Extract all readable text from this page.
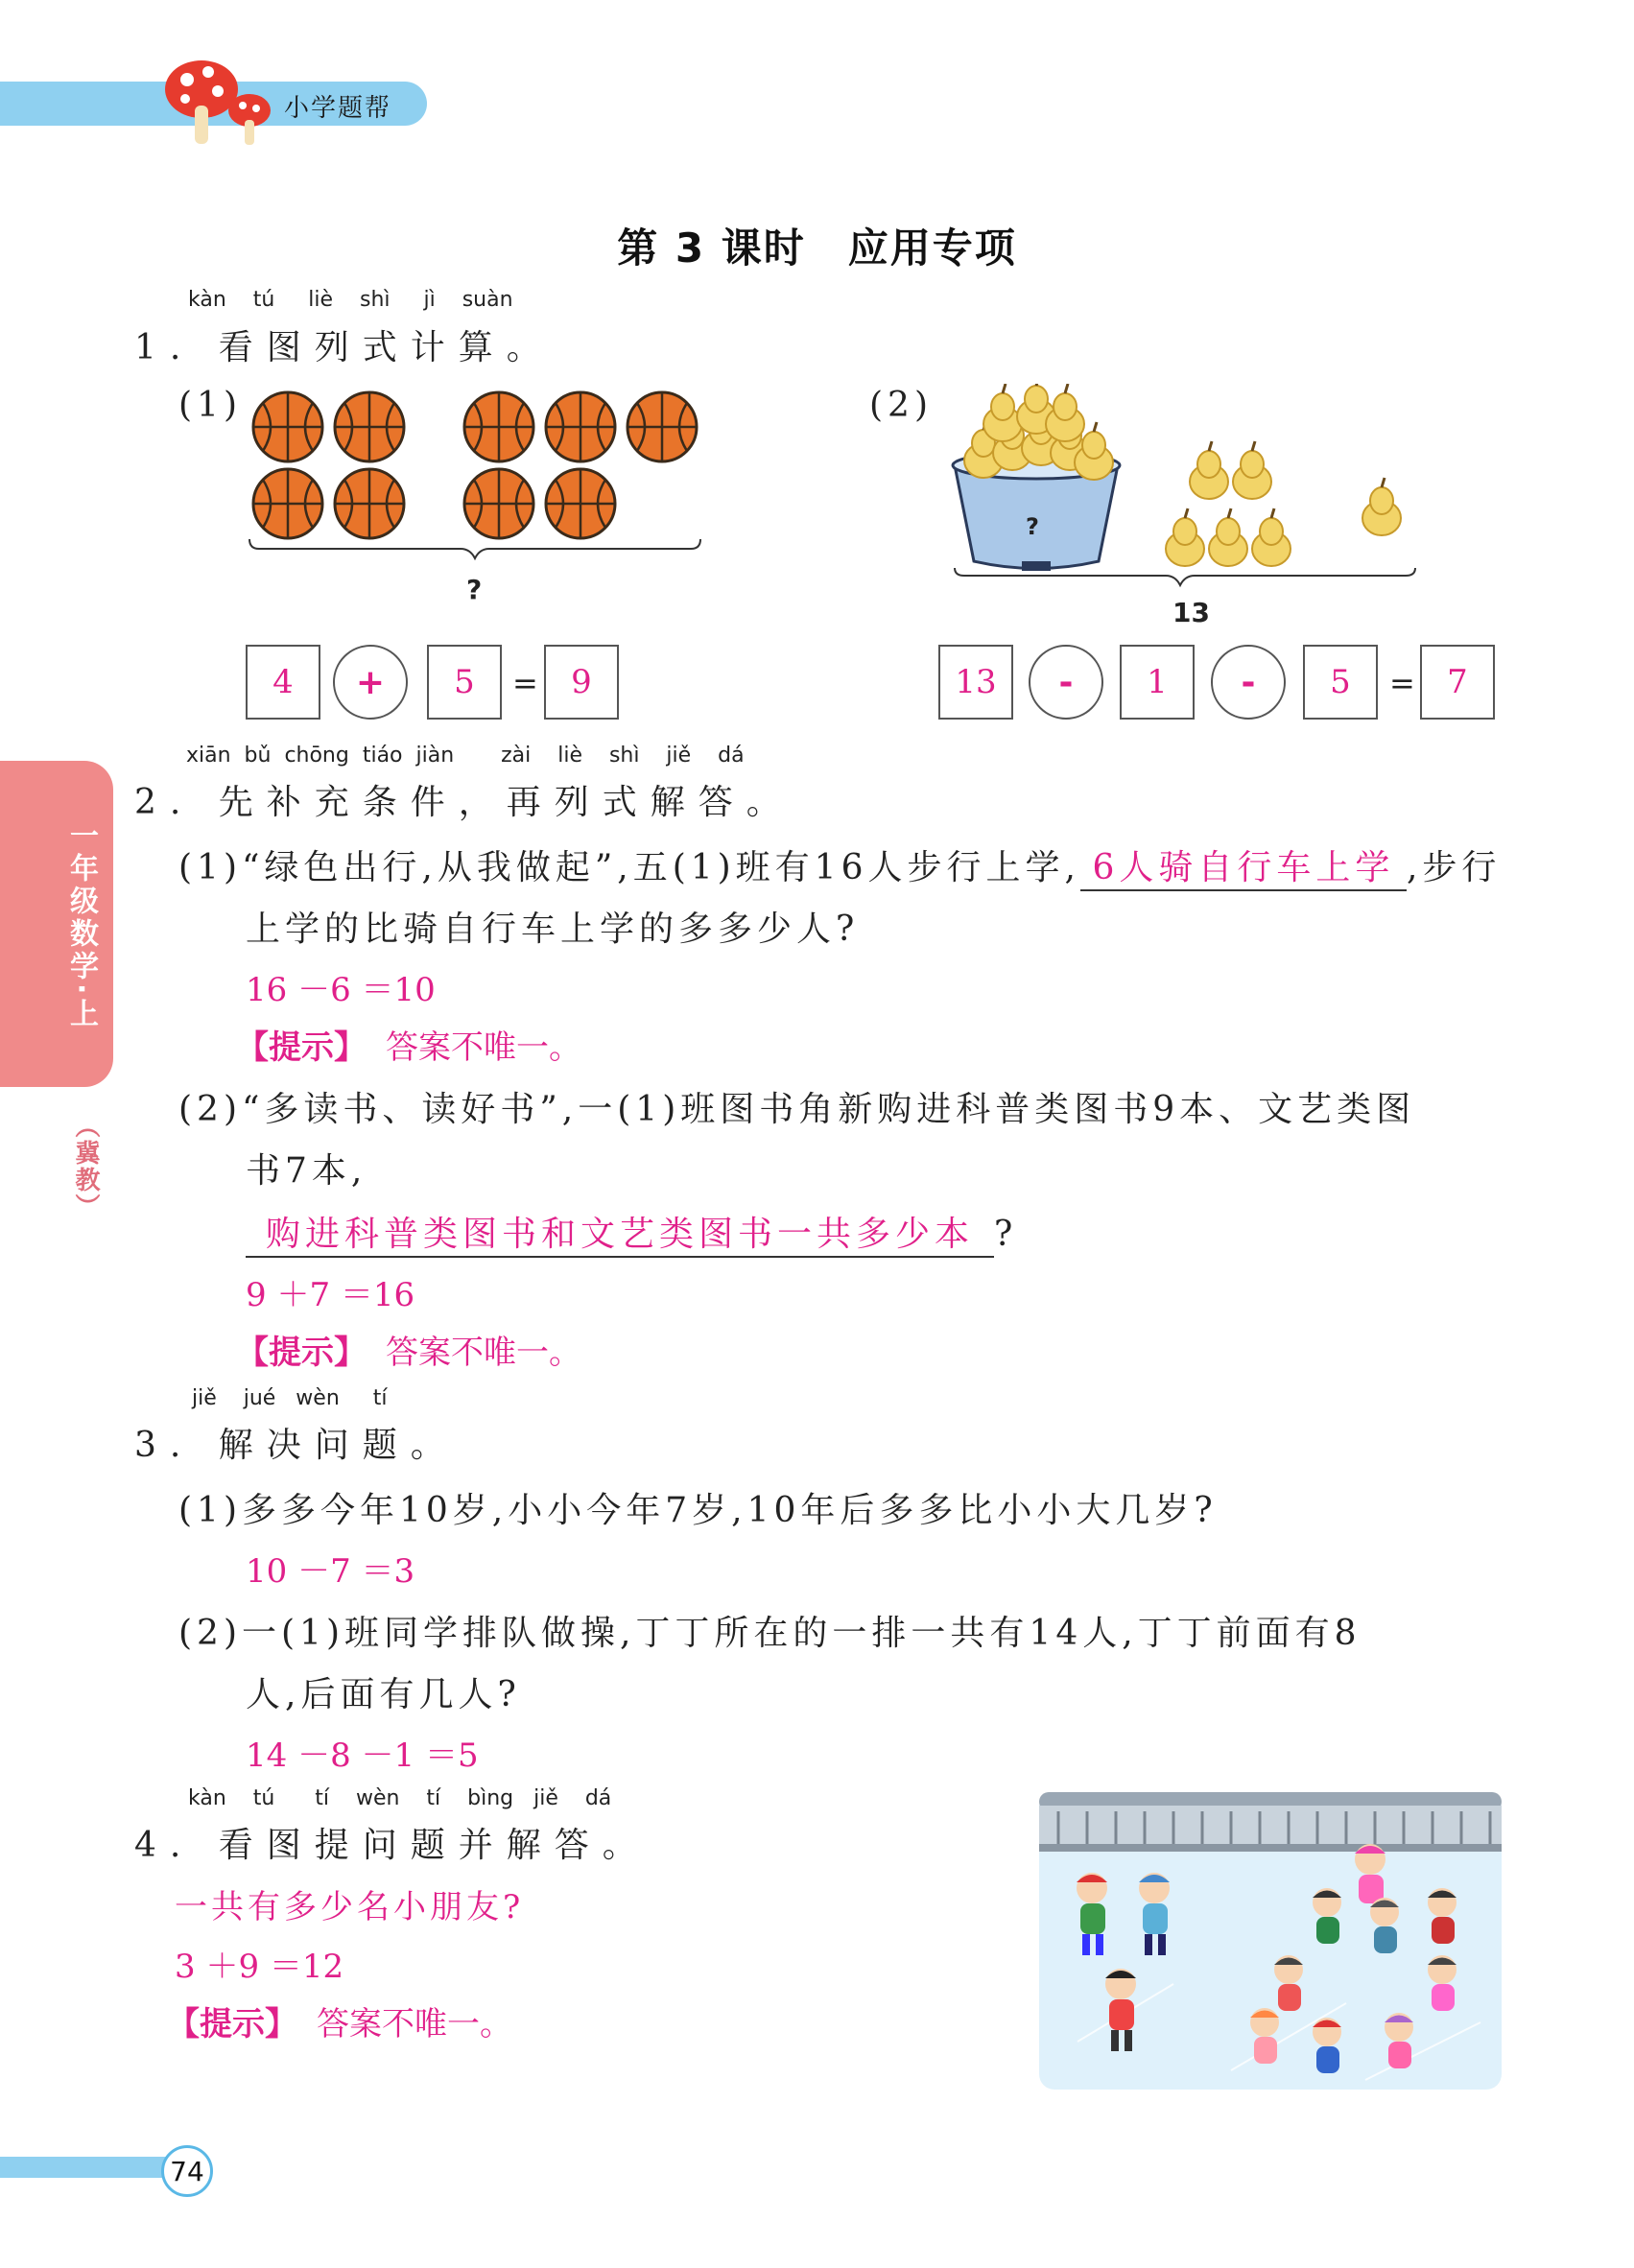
小学题帮
一年级数学·上
（冀教）
第 3 课时　应用专项
kàn    tú     liè    shì     jì    suàn
1. 看图列式计算。
(1)
?
4	+	5	=	9
(2)
?
13
13	-	1	-	5	= 7
xiān  bǔ  chōng  tiáo  jiàn       zài    liè    shì    jiě    dá
2. 先补充条件，再列式解答。
(1)“绿色出行,从我做起”,五(1)班有16人步行上学, 6人骑自行车上学 ,步行
上学的比骑自行车上学的多多少人?
16 －6 ＝10
【提示】 答案不唯一。
(2)“多读书、读好书”,一(1)班图书角新购进科普类图书9本、文艺类图
书7本,
购进科普类图书和文艺类图书一共多少本 ?
9 ＋7 ＝16
【提示】 答案不唯一。
jiě    jué   wèn     tí
3. 解决问题。
(1)多多今年10岁,小小今年7岁,10年后多多比小小大几岁?
10 －7 ＝3
(2)一(1)班同学排队做操,丁丁所在的一排一共有14人,丁丁前面有8
人,后面有几人?
14 －8 －1 ＝5
kàn    tú      tí    wèn    tí    bìng   jiě    dá
4. 看图提问题并解答。
一共有多少名小朋友?
3 ＋9 ＝12
【提示】 答案不唯一。
74
